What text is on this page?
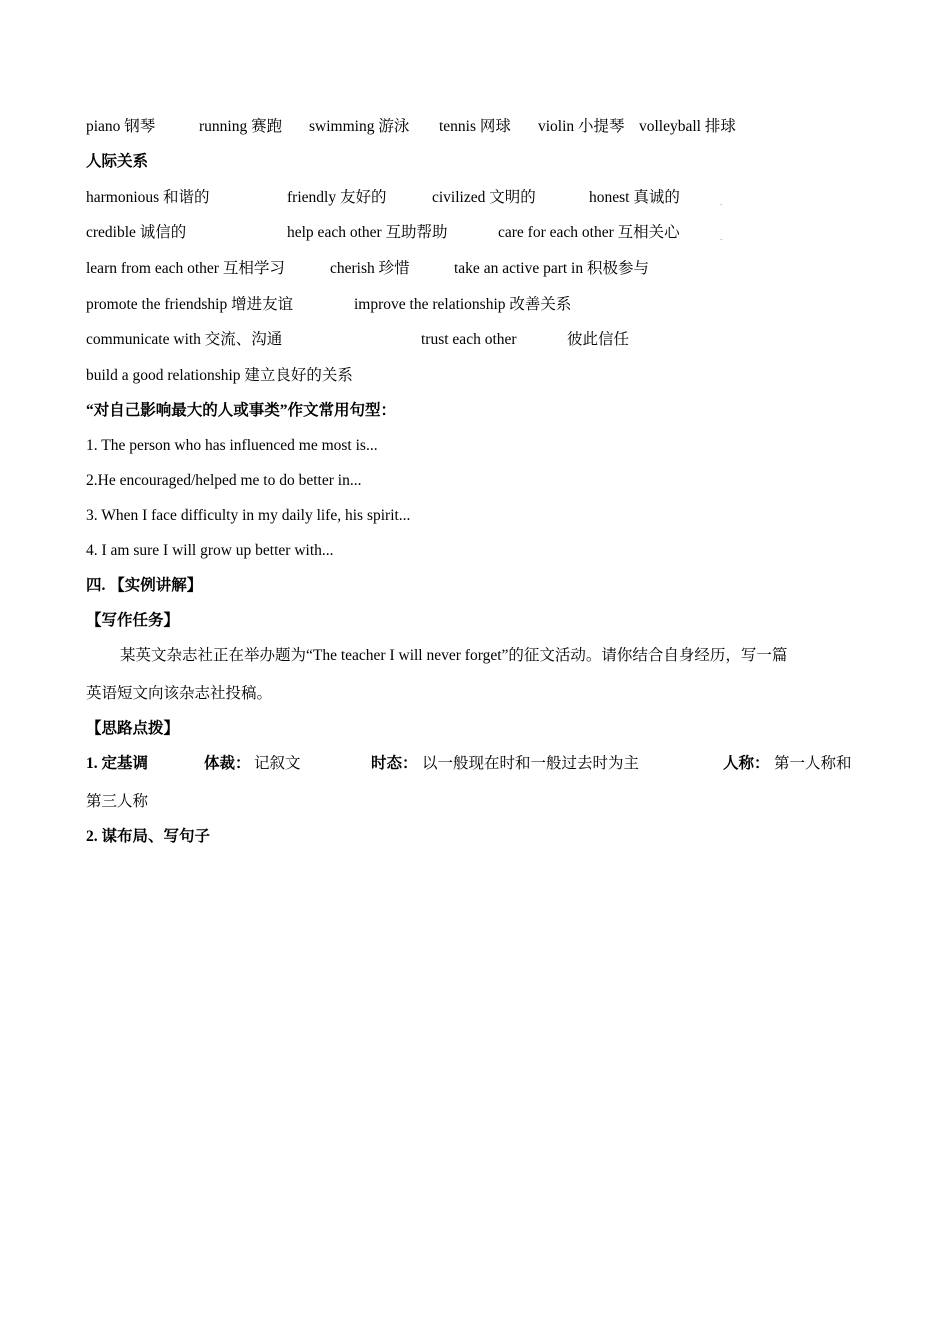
piano 钢琴	running 赛跑 swimming 游泳 tennis 网球 violin 小提琴 volleyball 排球
人际关系
harmonious 和谐的	friendly 友好的	civilized 文明的	honest 真诚的	.
credible 诚信的	help each other 互助帮助	care for each other 互相关心	.
learn from each other 互相学习	cherish 珍惜	take an active part in 积极参与
promote the friendship 增进友谊	improve the relationship 改善关系
communicate with 交流、沟通	trust each other	彼此信任
build a good relationship 建立良好的关系
“对自己影响最大的人或事类”作文常用句型：
1. The person who has influenced me most is...
2.He encouraged/helped me to do better in...
3. When I face difficulty in my daily life, his spirit...
4. I am sure I will grow up better with...
四. 【实例讲解】
【写作任务】
某英文杂志社正在举办题为“The teacher I will never forget”的征文活动。请你结合自身经历，写一篇
英语短文向该杂志社投稿。
【思路点拨】
1. 定基调	体裁： 记叙文	时态： 以一般现在时和一般过去时为主	人称： 第一人称和
第三人称
2. 谋布局、写句子
